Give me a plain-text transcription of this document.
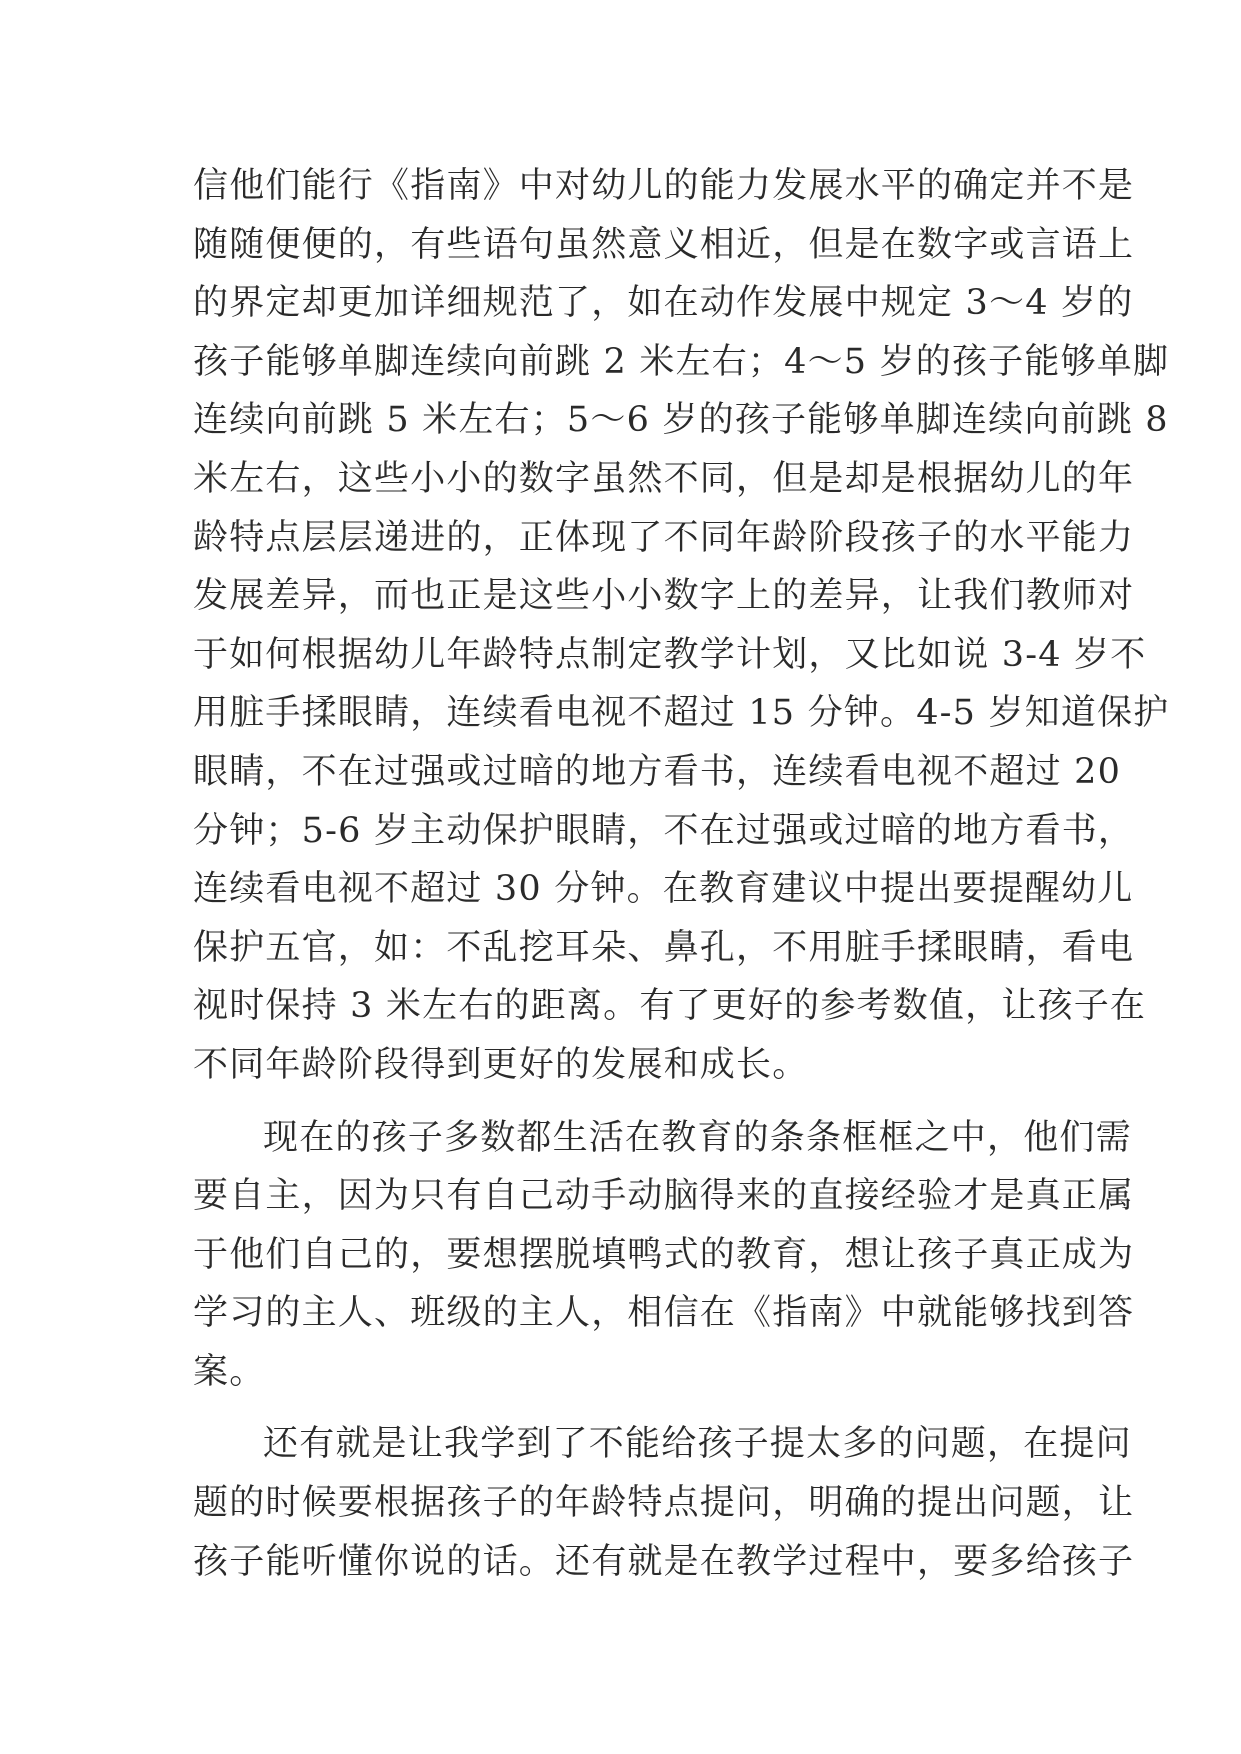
信他们能行《指南》中对幼儿的能力发展水平的确定并不是
随随便便的，有些语句虽然意义相近，但是在数字或言语上
的界定却更加详细规范了，如在动作发展中规定 3～4 岁的
孩子能够单脚连续向前跳 2 米左右；4～5 岁的孩子能够单脚
连续向前跳 5 米左右；5～6 岁的孩子能够单脚连续向前跳 8
米左右，这些小小的数字虽然不同，但是却是根据幼儿的年
龄特点层层递进的，正体现了不同年龄阶段孩子的水平能力
发展差异，而也正是这些小小数字上的差异，让我们教师对
于如何根据幼儿年龄特点制定教学计划，又比如说 3-4 岁不
用脏手揉眼睛，连续看电视不超过 15 分钟。4-5 岁知道保护
眼睛，不在过强或过暗的地方看书，连续看电视不超过 20
分钟；5-6 岁主动保护眼睛，不在过强或过暗的地方看书，
连续看电视不超过 30 分钟。在教育建议中提出要提醒幼儿
保护五官，如：不乱挖耳朵、鼻孔，不用脏手揉眼睛，看电
视时保持 3 米左右的距离。有了更好的参考数值，让孩子在
不同年龄阶段得到更好的发展和成长。
现在的孩子多数都生活在教育的条条框框之中，他们需
要自主，因为只有自己动手动脑得来的直接经验才是真正属
于他们自己的，要想摆脱填鸭式的教育，想让孩子真正成为
学习的主人、班级的主人，相信在《指南》中就能够找到答
案。
还有就是让我学到了不能给孩子提太多的问题，在提问
题的时候要根据孩子的年龄特点提问，明确的提出问题，让
孩子能听懂你说的话。还有就是在教学过程中，要多给孩子
